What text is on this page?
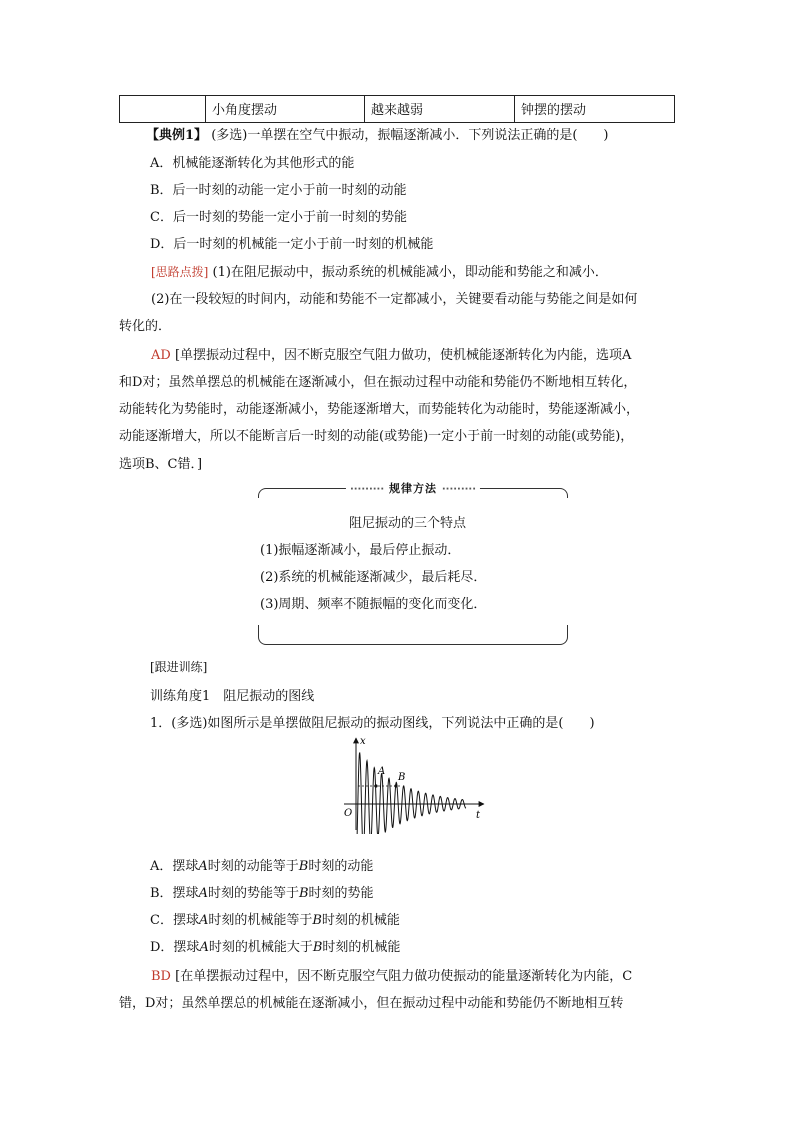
小角度摆动	越来越弱	钟摆的摆动
【典例1】 (多选)一单摆在空气中振动，振幅逐渐减小．下列说法正确的是(　　)
A．机械能逐渐转化为其他形式的能
B．后一时刻的动能一定小于前一时刻的动能
C．后一时刻的势能一定小于前一时刻的势能
D．后一时刻的机械能一定小于前一时刻的机械能
[思路点拨] (1)在阻尼振动中，振动系统的机械能减小，即动能和势能之和减小．
(2)在一段较短的时间内，动能和势能不一定都减小，关键要看动能与势能之间是如何
转化的．
AD [单摆振动过程中，因不断克服空气阻力做功，使机械能逐渐转化为内能，选项A
和D对；虽然单摆总的机械能在逐渐减小，但在振动过程中动能和势能仍不断地相互转化，
动能转化为势能时，动能逐渐减小，势能逐渐增大，而势能转化为动能时，势能逐渐减小，
动能逐渐增大，所以不能断言后一时刻的动能(或势能)一定小于前一时刻的动能(或势能)，
选项B、C错．]
········· 规律方法 ·········
阻尼振动的三个特点
(1)振幅逐渐减小，最后停止振动．
(2)系统的机械能逐渐减少，最后耗尽．
(3)周期、频率不随振幅的变化而变化．
[跟进训练]
训练角度1　阻尼振动的图线
1．(多选)如图所示是单摆做阻尼振动的振动图线，下列说法中正确的是(　　)
A
B
x
t
O
A．摆球A时刻的动能等于B时刻的动能
B．摆球A时刻的势能等于B时刻的势能
C．摆球A时刻的机械能等于B时刻的机械能
D．摆球A时刻的机械能大于B时刻的机械能
BD [在单摆振动过程中，因不断克服空气阻力做功使振动的能量逐渐转化为内能，C
错，D对；虽然单摆总的机械能在逐渐减小，但在振动过程中动能和势能仍不断地相互转
